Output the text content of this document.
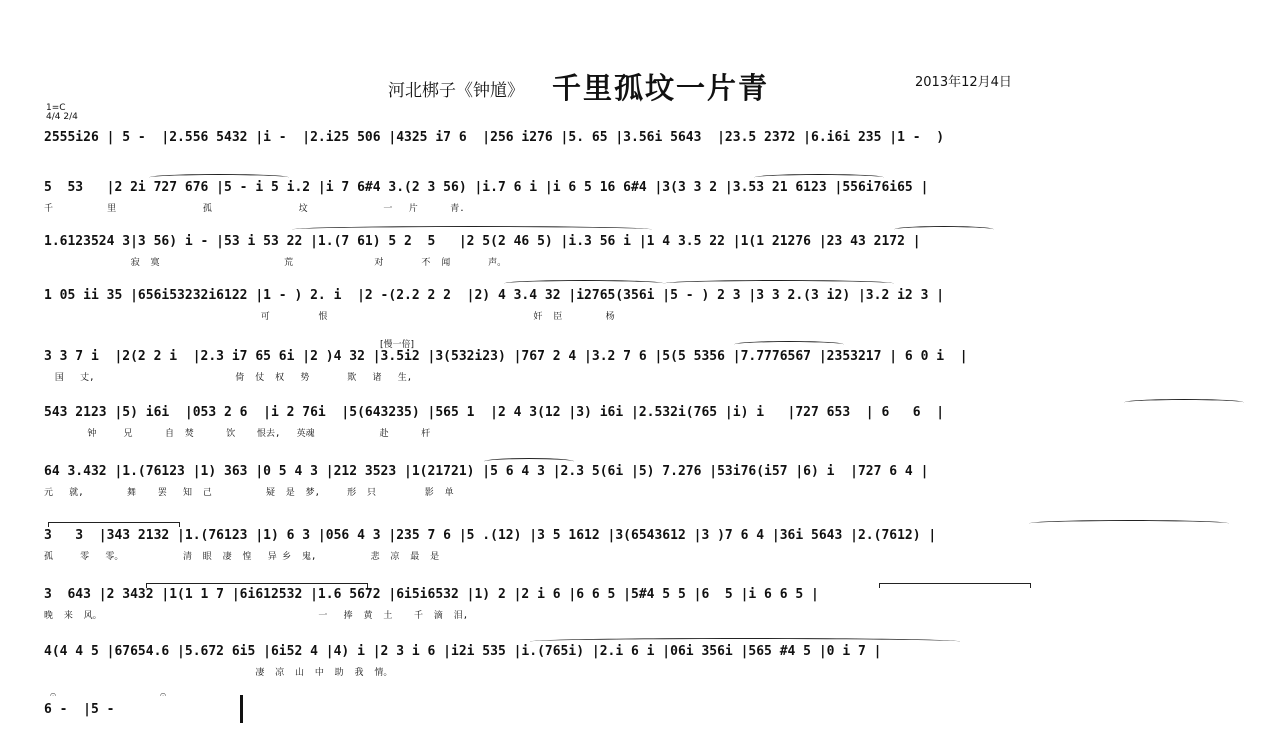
河北梆子《钟馗》 千里孤坟一片青	2013年12月4日
1=C
4/4 2/4
2555i26 | 5 -  |2.556 5432 |i -  |2.i25 506 |4325 i7 6  |256 i276 |5. 65 |3.56i 5643  |23.5 2372 |6.i6i 235 |1 -  )
5  53   |2 2i 727 676 |5 - i 5 i.2 |i 7 6#4 3.(2 3 56) |i.7 6 i |i 6 5 16 6#4 |3(3 3 2 |3.53 21 6123 |556i76i65 |
千          里                孤                坟              一   片      青.
1.6123524 3|3 56) i - |53 i 53 22 |1.(7 61) 5 2  5   |2 5(2 46 5) |i.3 56 i |1 4 3.5 22 |1(1 21276 |23 43 2172 |
寂  寞                       荒               对       不  闻       声。
1 05 ii 35 |656i53232i6122 |1 - ) 2. i  |2 -(2.2 2 2  |2) 4 3.4 32 |i2765(356i |5 - ) 2 3 |3 3 2.(3 i2) |3.2 i2 3 |
可         恨                                      奸  臣        杨
[慢一倍]
3 3 7 i  |2(2 2 i  |2.3 i7 65 6i |2 )4 32 |3.5i2 |3(532i23) |767 2 4 |3.2 7 6 |5(5 5356 |7.7776567 |2353217 | 6 0 i  |
国   丈,                          倚  仗  权   势       欺   诸   生,
543 2123 |5) i6i  |053 2 6  |i 2 76i  |5(643235) |565 1  |2 4 3(12 |3) i6i |2.532i(765 |i) i   |727 653  | 6   6  |
钟     兄      自  焚      饮    恨去,   英魂            赴      杆
64 3.432 |1.(76123 |1) 363 |0 5 4 3 |212 3523 |1(21721) |5 6 4 3 |2.3 5(6i |5) 7.276 |53i76(i57 |6) i  |727 6 4 |
元   就,        舞    罢   知  己          疑  是  梦,     形  只         影  单
3   3  |343 2132 |1.(76123 |1) 6 3 |056 4 3 |235 7 6 |5 .(12) |3 5 1612 |3(6543612 |3 )7 6 4 |36i 5643 |2.(7612) |
孤     零   零。           清  眼  凄  惶   异 乡  鬼,          悲  凉  最  是
3  643 |2 3432 |1(1 1 7 |6i612532 |1.6 5672 |6i5i6532 |1) 2 |2 i 6 |6 6 5 |5#4 5 5 |6  5 |i 6 6 5 |
晚  来  风。                                        一   捧  黄  土    千  滴  泪,
4(4 4 5 |67654.6 |5.672 6i5 |6i52 4 |4) i |2 3 i 6 |i2i 535 |i.(765i) |2.i 6 i |06i 356i |565 #4 5 |0 i 7 |
凄  凉  山  中  助  我  情。
𝄐	𝄐
6 -  |5 -
